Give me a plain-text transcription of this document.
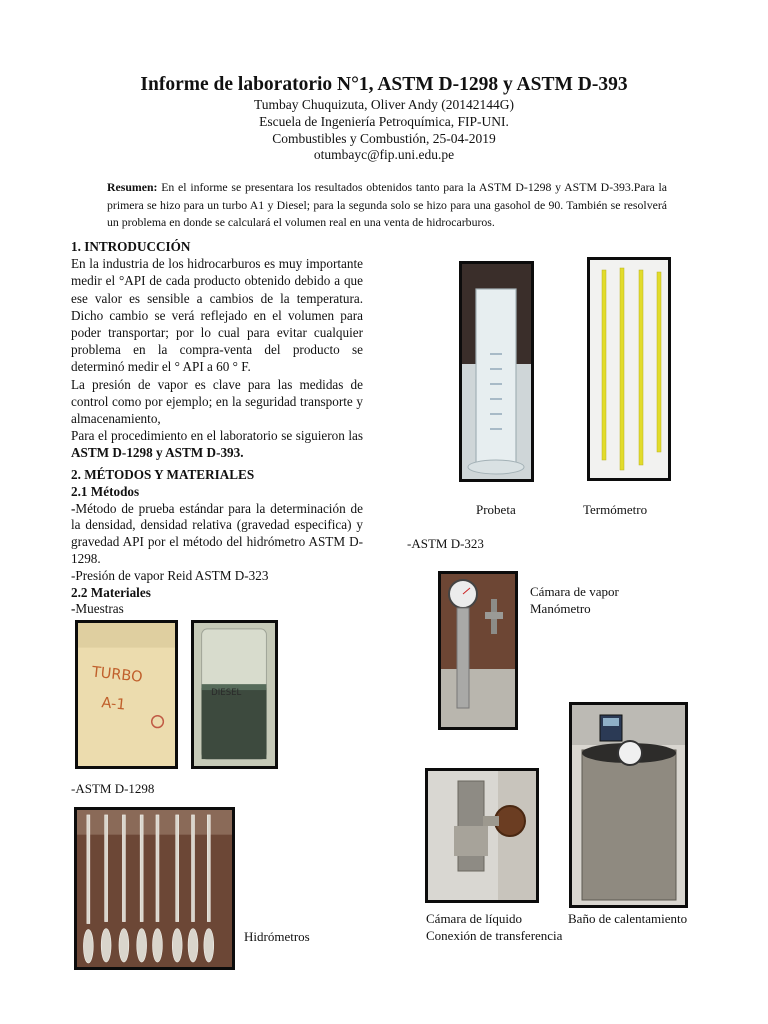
Informe de laboratorio N°1, ASTM D-1298 y ASTM D-393
Tumbay Chuquizuta, Oliver Andy (20142144G)
Escuela de Ingeniería Petroquímica, FIP-UNI.
Combustibles y Combustión, 25-04-2019
otumbayc@fip.uni.edu.pe
Resumen: En el informe se presentara los resultados obtenidos tanto para la ASTM D-1298 y ASTM D-393.Para la primera se hizo para un turbo A1 y Diesel; para la segunda solo se hizo para una gasohol de 90. También se resolverá un problema en donde se calculará el volumen real en una venta de hidrocarburos.
1. INTRODUCCIÓN

En la industria de los hidrocarburos es muy importante medir el °API de cada producto obtenido debido a que ese valor es sensible a cambios de la temperatura. Dicho cambio se verá reflejado en el volumen para poder transportar; por lo cual para evitar cualquier problema en la compra-venta del producto se determinó medir el ° API a 60 ° F.

La presión de vapor es clave para las medidas de control como por ejemplo; en la seguridad transporte y almacenamiento,

Para el procedimiento en el laboratorio se siguieron las ASTM D-1298 y ASTM D-393.

2. MÉTODOS Y MATERIALES
2.1 Métodos

-Método de prueba estándar para la determinación de la densidad, densidad relativa (gravedad especifica) y gravedad API por el método del hidrómetro ASTM D-1298.

-Presión de vapor Reid ASTM D-323

2.2 Materiales

-Muestras

TURBO
A-1
DIESEL
-ASTM D-1298
Hidrómetros
Probeta	Termómetro
-ASTM D-323
Cámara de vapor
Manómetro
Cámara de líquido
Conexión de transferencia
Baño de calentamiento
